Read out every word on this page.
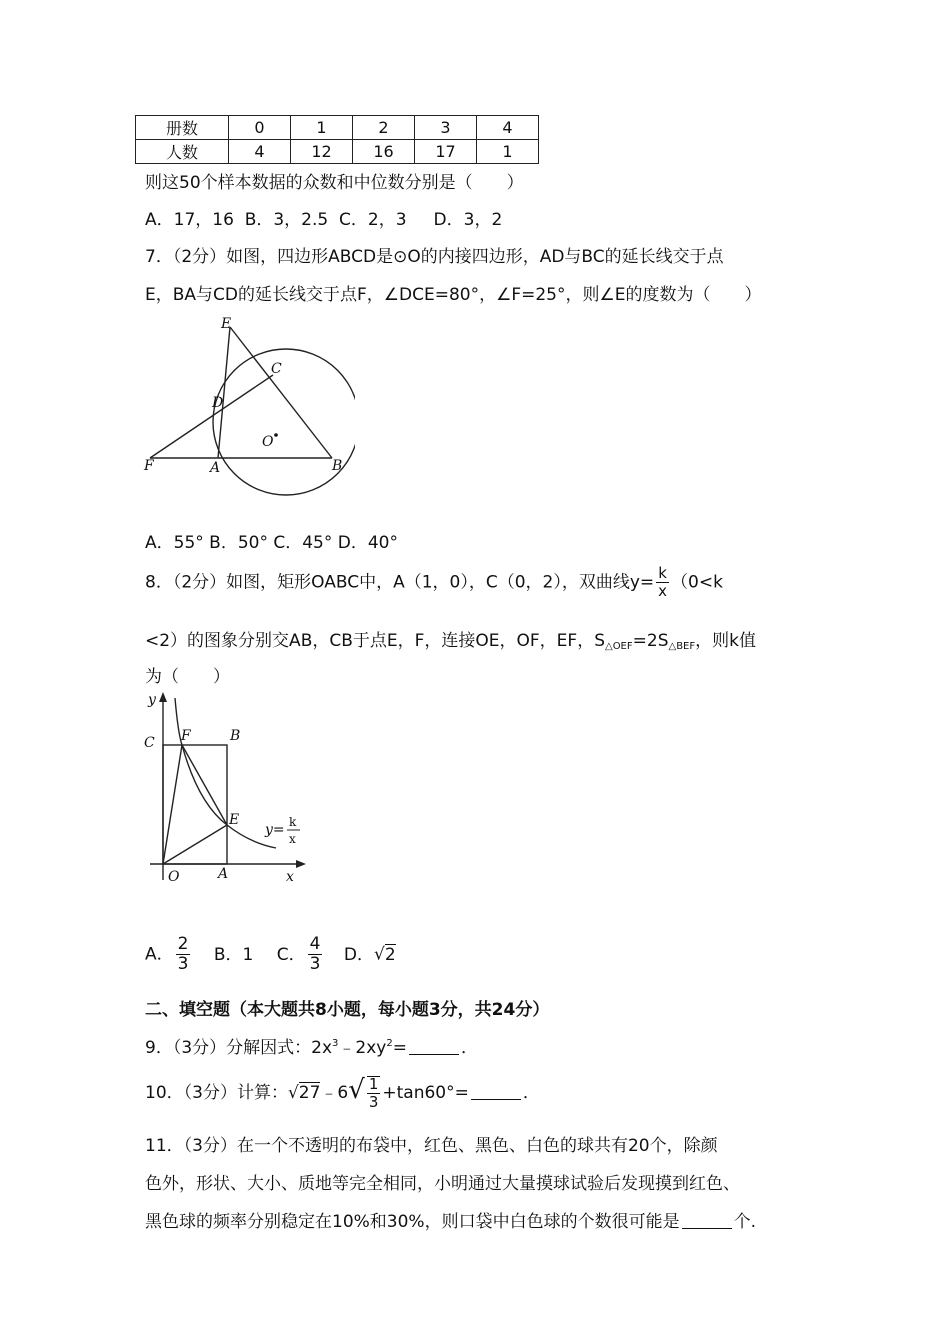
册数	0	1	2	3	4
人数	4	12	16	17	1
则这50个样本数据的众数和中位数分别是（　　）
A．17，16  B．3，2.5  C．2，3     D．3，2
7．（2分）如图，四边形ABCD是⊙O的内接四边形，AD与BC的延长线交于点
E，BA与CD的延长线交于点F，∠DCE=80°，∠F=25°，则∠E的度数为（　　）
E
C
D
O
F	A	B
A．55° B．50° C．45° D．40°
8．（2分）如图，矩形OABC中，A（1，0），C（0，2），双曲线$y= \frac{k}{x} (0<k$
<2）的图象分别交AB，CB于点E，F，连接OE，OF，EF，$S_{\triangle OEF}=2S_{\triangle BEF}$，则k值
为（　　）
y
C F	B
E
y= k
x
O	A	x
A． $\frac{2}{3}$ B．1 C． $\frac{4}{3}$ D．√2
二、填空题（本大题共8小题，每小题3分，共24分）
9．（3分）分解因式：$2x^3﹣2xy^2=$	．
10．（3分）计算：√27﹣6√ $\frac{1}{3} +\tan 60^\circ=$	．
11．（3分）在一个不透明的布袋中，红色、黑色、白色的球共有20个，除颜
色外，形状、大小、质地等完全相同，小明通过大量摸球试验后发现摸到红色、
黑色球的频率分别稳定在10%和30%，则口袋中白色球的个数很可能是	个.
